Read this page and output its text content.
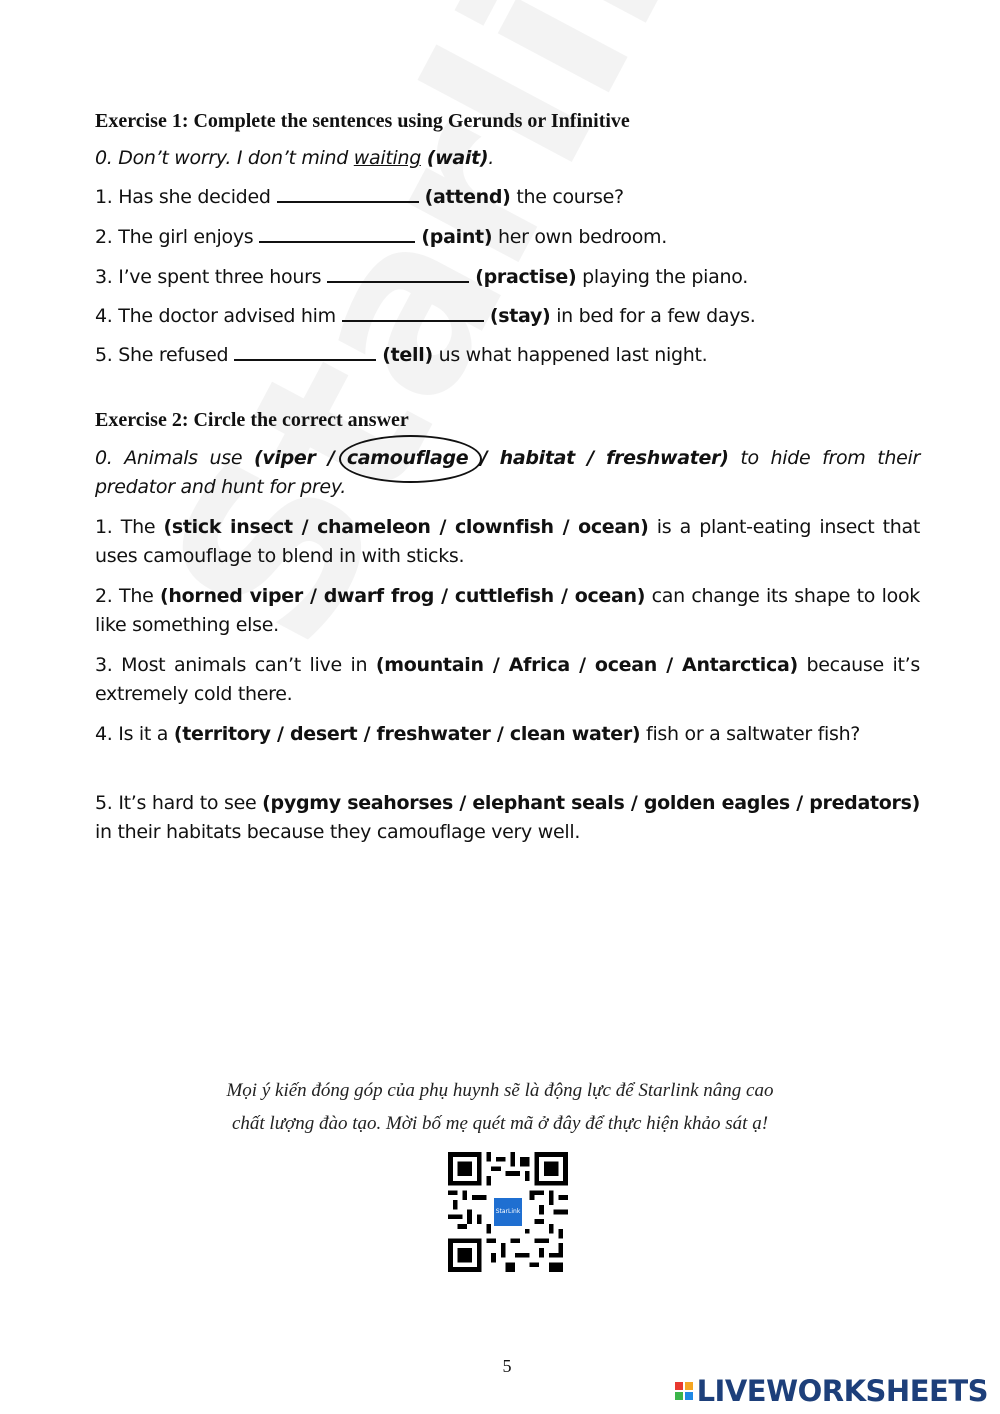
Exercise 1: Complete the sentences using Gerunds or Infinitive
0. Don’t worry. I don’t mind waiting (wait).
1. Has she decided	(attend) the course?
2. The girl enjoys	(paint) her own bedroom.
3. I’ve spent three hours	(practise) playing the piano.
4. The doctor advised him	(stay) in bed for a few days.
5. She refused	(tell) us what happened last night.
Exercise 2: Circle the correct answer
0. Animals use (viper / camouflage
/ habitat / freshwater) to hide from their predator and hunt for prey.
1. The (stick insect / chameleon / clownfish / ocean) is a plant-eating insect that uses camouflage to blend in with sticks.
2. The (horned viper / dwarf frog / cuttlefish / ocean) can change its shape to look like something else.
3. Most animals can’t live in (mountain / Africa / ocean / Antarctica) because it’s extremely cold there.
4. Is it a (territory / desert / freshwater / clean water) fish or a saltwater fish?
5. It’s hard to see (pygmy seahorses / elephant seals / golden eagles / predators) in their habitats because they camouflage very well.
Mọi ý kiến đóng góp của phụ huynh sẽ là động lực để Starlink nâng cao
chất lượng đào tạo. Mời bố mẹ quét mã ở đây để thực hiện khảo sát ạ!
StarLink
5
LIVEWORKSHEETS
